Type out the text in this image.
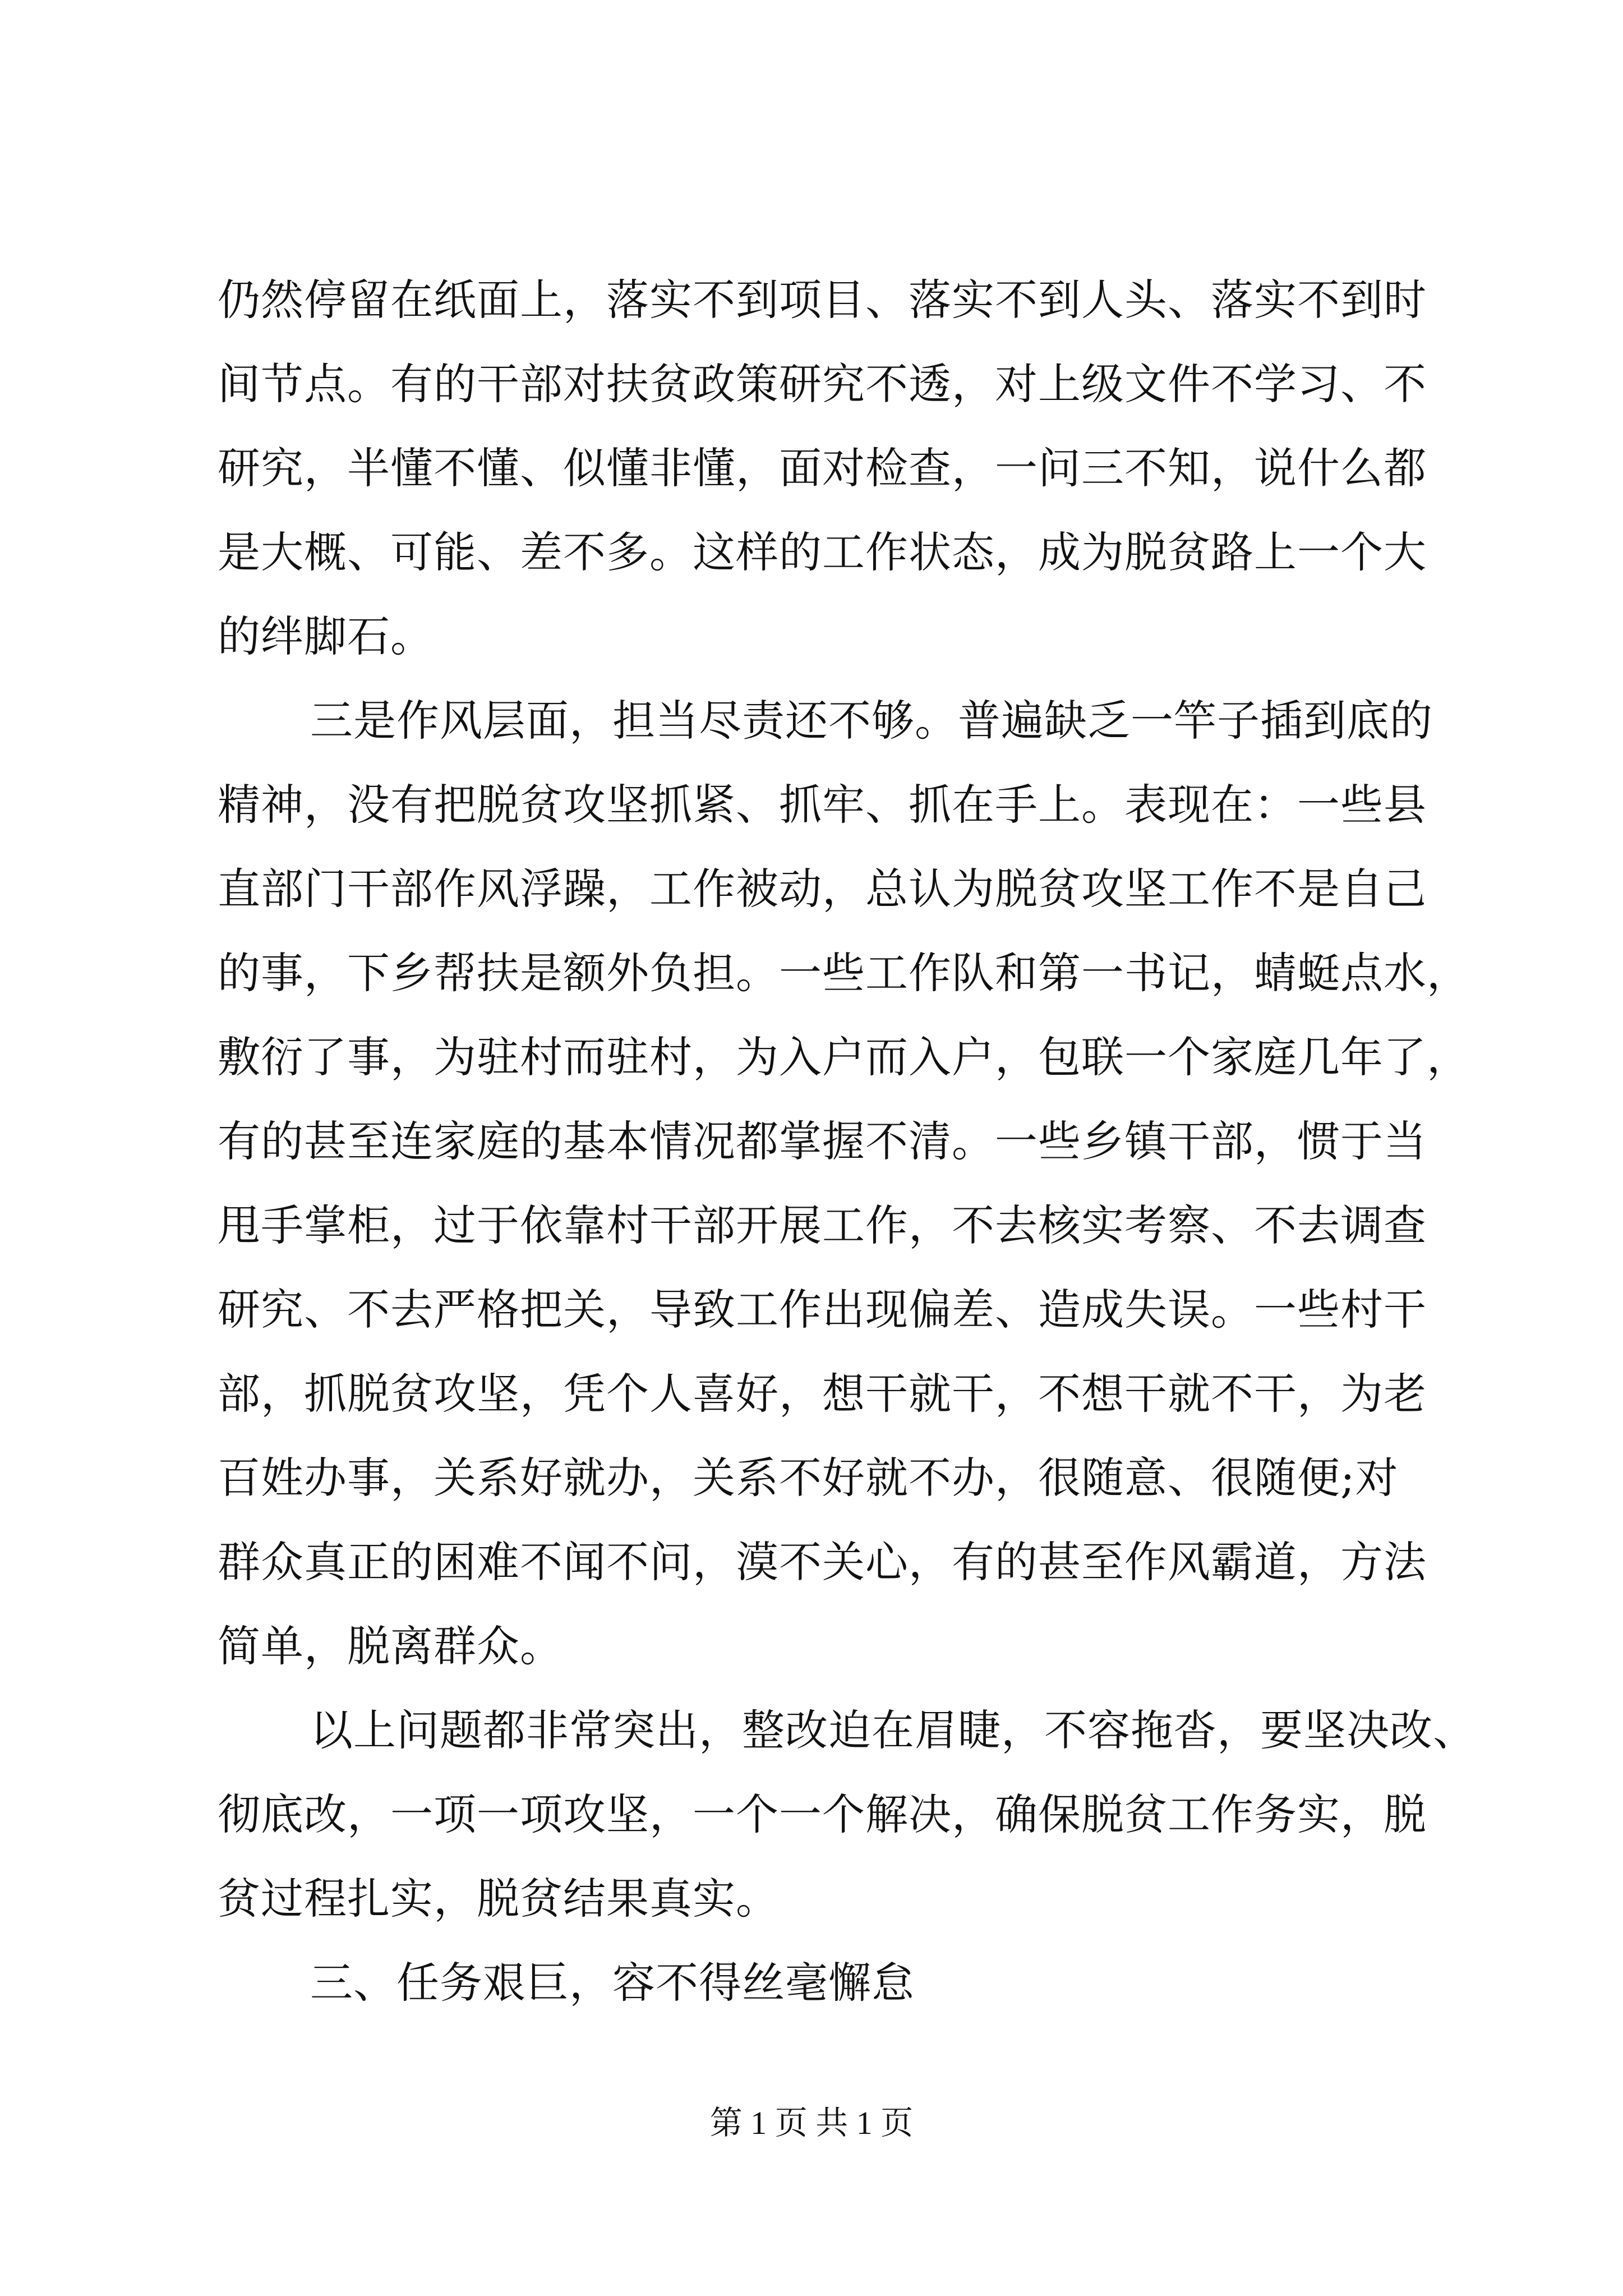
仍然停留在纸面上，落实不到项目、落实不到人头、落实不到时
间节点。有的干部对扶贫政策研究不透，对上级文件不学习、不
研究，半懂不懂、似懂非懂，面对检查，一问三不知，说什么都
是大概、可能、差不多。这样的工作状态，成为脱贫路上一个大
的绊脚石。
三是作风层面，担当尽责还不够。普遍缺乏一竿子插到底的
精神，没有把脱贫攻坚抓紧、抓牢、抓在手上。表现在：一些县
直部门干部作风浮躁，工作被动，总认为脱贫攻坚工作不是自己
的事，下乡帮扶是额外负担。一些工作队和第一书记，蜻蜓点水，
敷衍了事，为驻村而驻村，为入户而入户，包联一个家庭几年了，
有的甚至连家庭的基本情况都掌握不清。一些乡镇干部，惯于当
甩手掌柜，过于依靠村干部开展工作，不去核实考察、不去调查
研究、不去严格把关，导致工作出现偏差、造成失误。一些村干
部，抓脱贫攻坚，凭个人喜好，想干就干，不想干就不干，为老
百姓办事，关系好就办，关系不好就不办，很随意、很随便;对
群众真正的困难不闻不问，漠不关心，有的甚至作风霸道，方法
简单，脱离群众。
以上问题都非常突出，整改迫在眉睫，不容拖沓，要坚决改、
彻底改，一项一项攻坚，一个一个解决，确保脱贫工作务实，脱
贫过程扎实，脱贫结果真实。
三、任务艰巨，容不得丝毫懈怠
第 1 页 共 1 页
